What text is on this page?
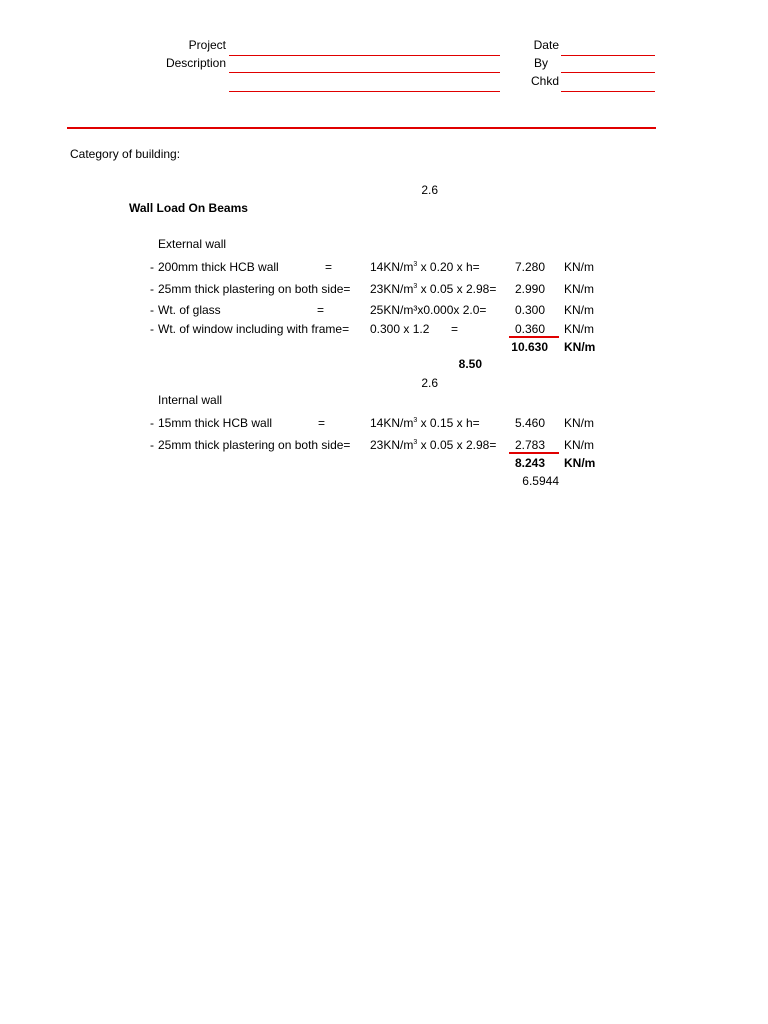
Project
Description
Date
By
Chkd
Category of building:
2.6
Wall Load On Beams
External wall
- 200mm thick HCB wall	=	$14KN/m^3$ x 0.20 x h=	7.280 KN/m
- 25mm thick plastering on both side= $23KN/m^3$ x 0.05 x 2.98=	2.990 KN/m
- Wt. of glass	=	25KN/m³x0.000x 2.0=	0.300 KN/m
- Wt. of window including with frame= 0.300 x 1.2 =	0.360 KN/m
10.630 KN/m
8.50
2.6
Internal wall
- 15mm thick HCB wall	=	$14KN/m^3$ x 0.15 x h=	5.460 KN/m
- 25mm thick plastering on both side= $23KN/m^3$ x 0.05 x 2.98=	2.783 KN/m
8.243 KN/m
6.5944
